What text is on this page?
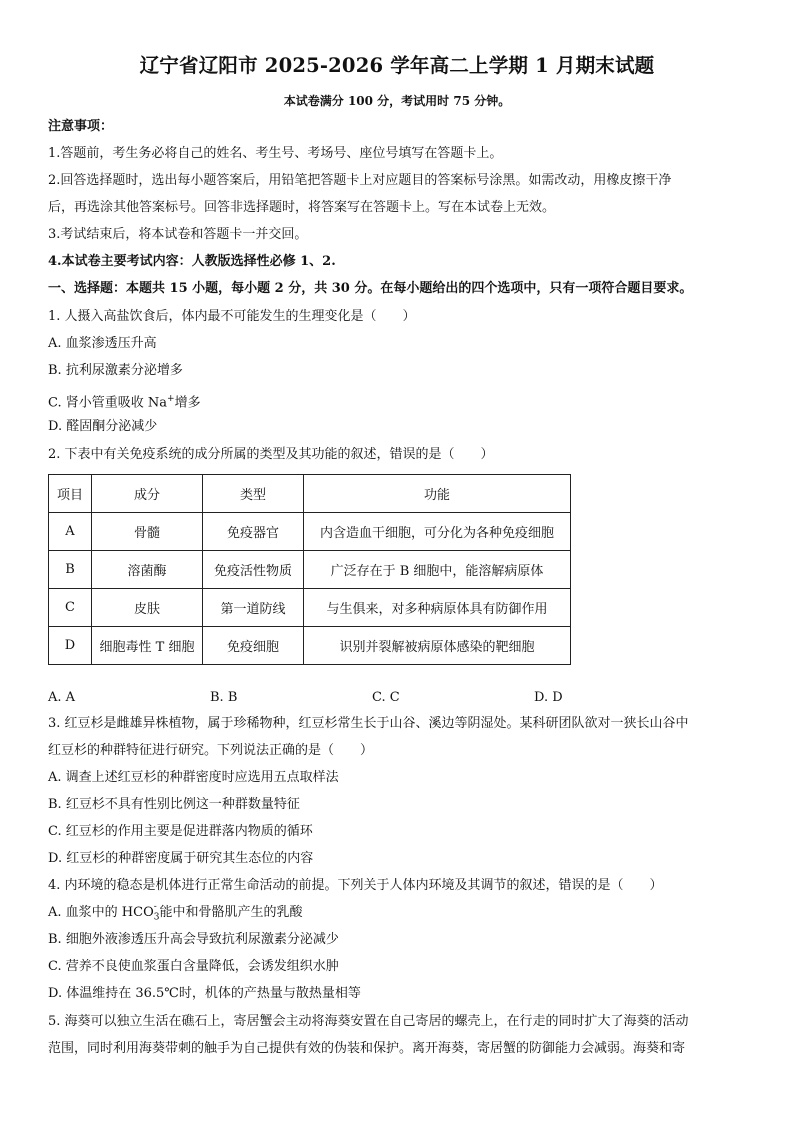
辽宁省辽阳市 2025-2026 学年高二上学期 1 月期末试题
本试卷满分 100 分，考试用时 75 分钟。
注意事项：
1.答题前，考生务必将自己的姓名、考生号、考场号、座位号填写在答题卡上。
2.回答选择题时，选出每小题答案后，用铅笔把答题卡上对应题目的答案标号涂黑。如需改动，用橡皮擦干净
后，再选涂其他答案标号。回答非选择题时，将答案写在答题卡上。写在本试卷上无效。
3.考试结束后，将本试卷和答题卡一并交回。
4.本试卷主要考试内容：人教版选择性必修 1、2.
一、选择题：本题共 15 小题，每小题 2 分，共 30 分。在每小题给出的四个选项中，只有一项符合题目要求。
1. 人摄入高盐饮食后，体内最不可能发生的生理变化是（　　）
A. 血浆渗透压升高
B. 抗利尿激素分泌增多
C. 肾小管重吸收 Na+增多
D. 醛固酮分泌减少
2. 下表中有关免疫系统的成分所属的类型及其功能的叙述，错误的是（　　）
项目	成分	类型	功能
A	骨髓	免疫器官	内含造血干细胞，可分化为各种免疫细胞
B	溶菌酶	免疫活性物质	广泛存在于 B 细胞中，能溶解病原体
C	皮肤	第一道防线	与生俱来，对多种病原体具有防御作用
D	细胞毒性 T 细胞	免疫细胞	识别并裂解被病原体感染的靶细胞
A. A	B. B	C. C	D. D
3. 红豆杉是雌雄异株植物，属于珍稀物种，红豆杉常生长于山谷、溪边等阴湿处。某科研团队欲对一狭长山谷中
红豆杉的种群特征进行研究。下列说法正确的是（　　）
A. 调查上述红豆杉的种群密度时应选用五点取样法
B. 红豆杉不具有性别比例这一种群数量特征
C. 红豆杉的作用主要是促进群落内物质的循环
D. 红豆杉的种群密度属于研究其生态位的内容
4. 内环境的稳态是机体进行正常生命活动的前提。下列关于人体内环境及其调节的叙述，错误的是（　　）
A. 血浆中的 $HCO_3$
- 能中和骨骼肌产生的乳酸
B. 细胞外液渗透压升高会导致抗利尿激素分泌减少
C. 营养不良使血浆蛋白含量降低，会诱发组织水肿
D. 体温维持在 36.5℃时，机体的产热量与散热量相等
5. 海葵可以独立生活在礁石上，寄居蟹会主动将海葵安置在自己寄居的螺壳上，在行走的同时扩大了海葵的活动
范围，同时利用海葵带刺的触手为自己提供有效的伪装和保护。离开海葵，寄居蟹的防御能力会减弱。海葵和寄
